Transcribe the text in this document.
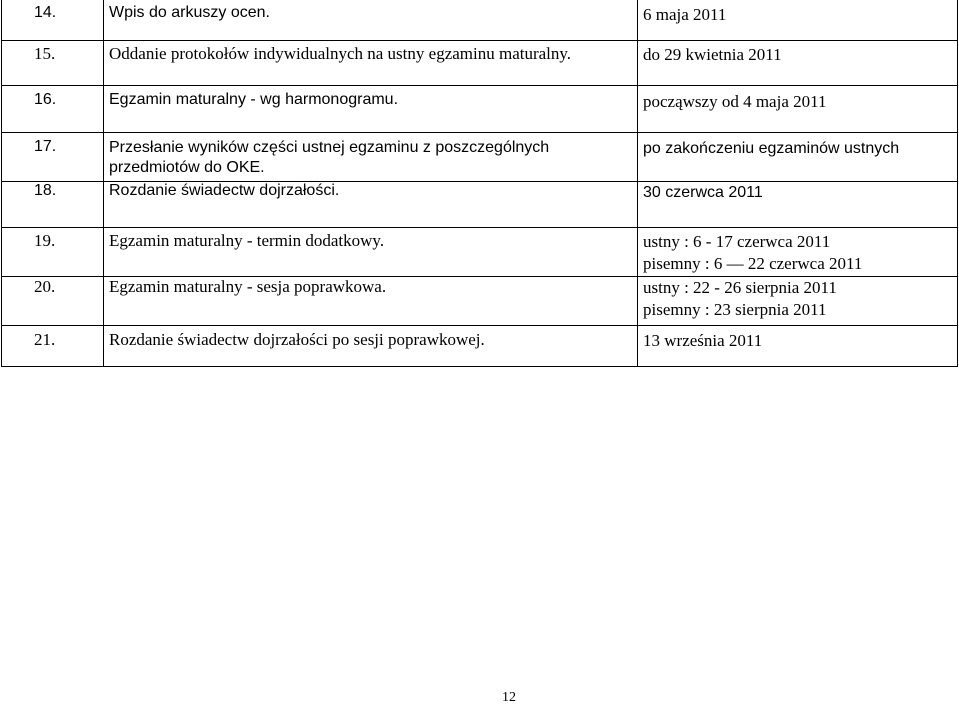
14.	Wpis do arkuszy ocen.	6 maja 2011

15.	Oddanie protokołów indywidualnych na ustny egzaminu maturalny.	do 29 kwietnia 2011

16.	Egzamin maturalny - wg harmonogramu.	począwszy od 4 maja 2011

17.	Przesłanie wyników części ustnej egzaminu z poszczególnych przedmiotów do OKE.	po zakończeniu egzaminów ustnych

18.	Rozdanie świadectw dojrzałości.	30 czerwca 2011

19.	Egzamin maturalny - termin dodatkowy.	ustny : 6 - 17 czerwca 2011
pisemny : 6 — 22 czerwca 2011

20.	Egzamin maturalny - sesja poprawkowa.	ustny : 22 - 26 sierpnia 2011
pisemny : 23 sierpnia 2011

21.	Rozdanie świadectw dojrzałości po sesji poprawkowej.	13 września 2011
12
